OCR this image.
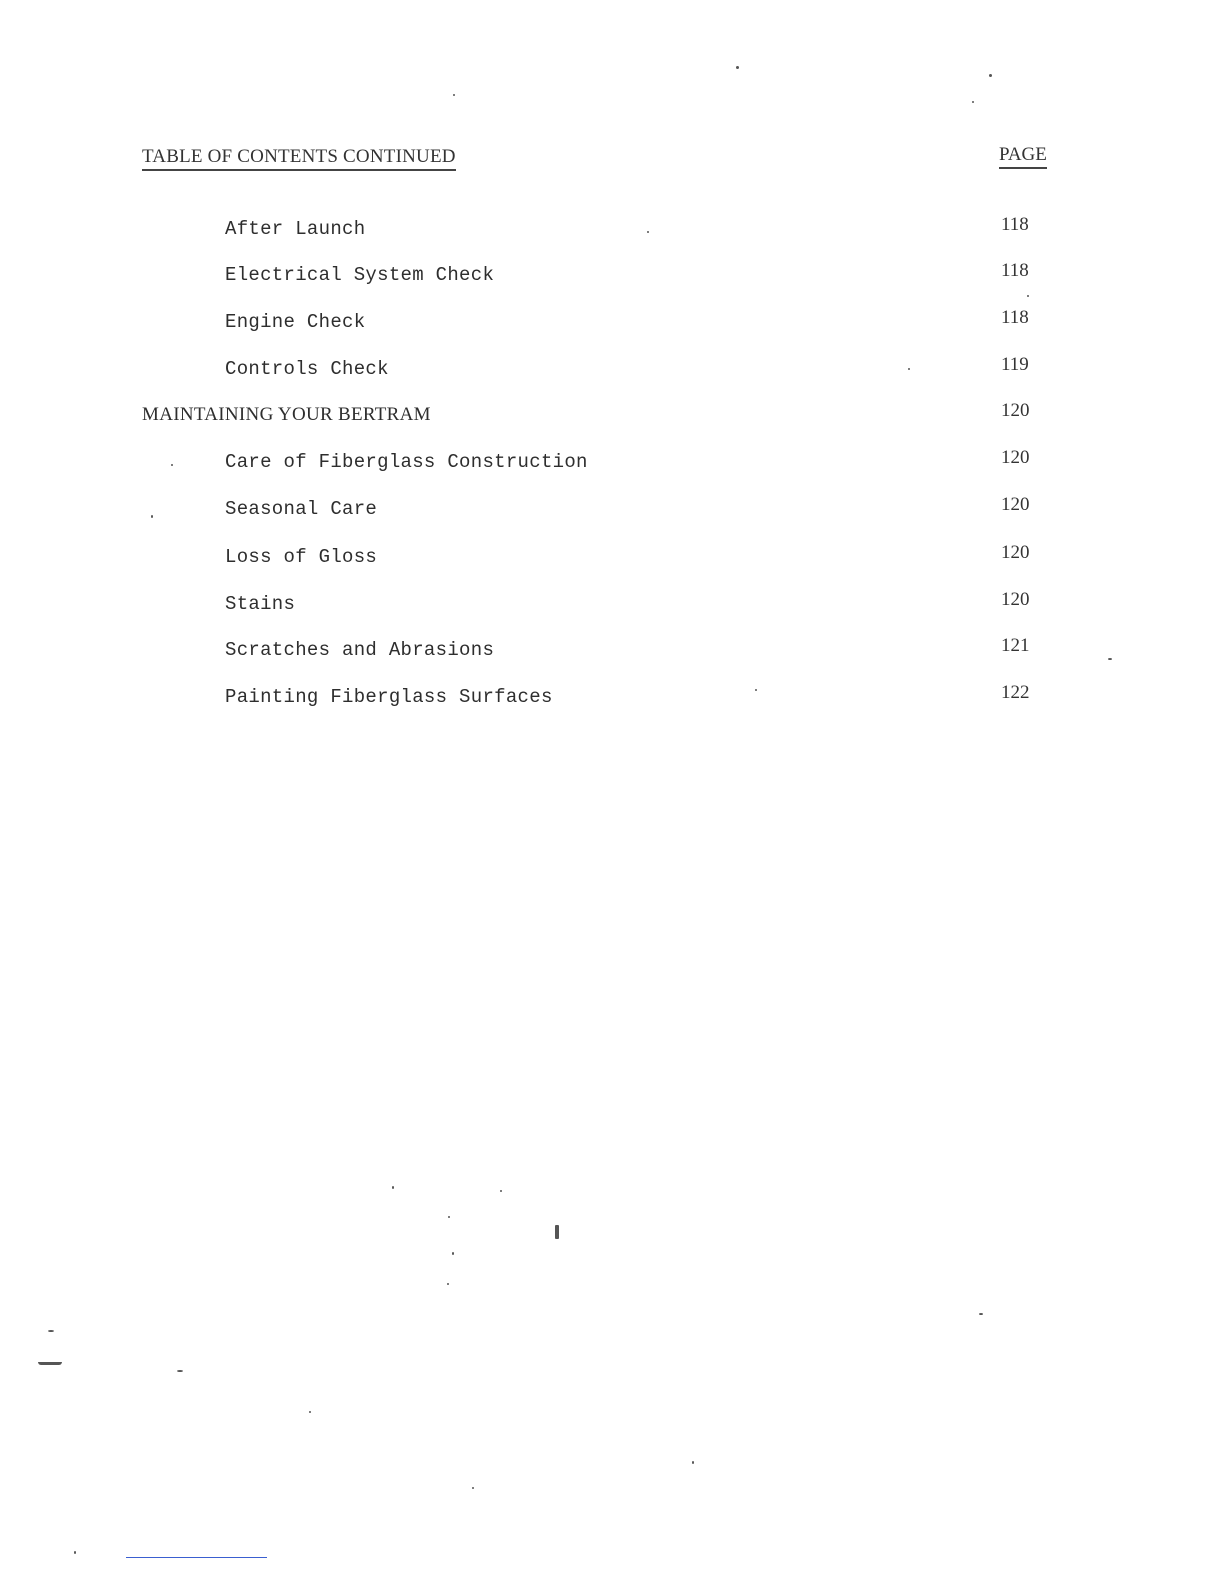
TABLE OF CONTENTS CONTINUED	PAGE
After Launch	118
Electrical System Check	118
Engine Check	118
Controls Check	119
MAINTAINING YOUR BERTRAM	120
Care of Fiberglass Construction	120
Seasonal Care	120
Loss of Gloss	120
Stains	120
Scratches and Abrasions	121
Painting Fiberglass Surfaces	122
